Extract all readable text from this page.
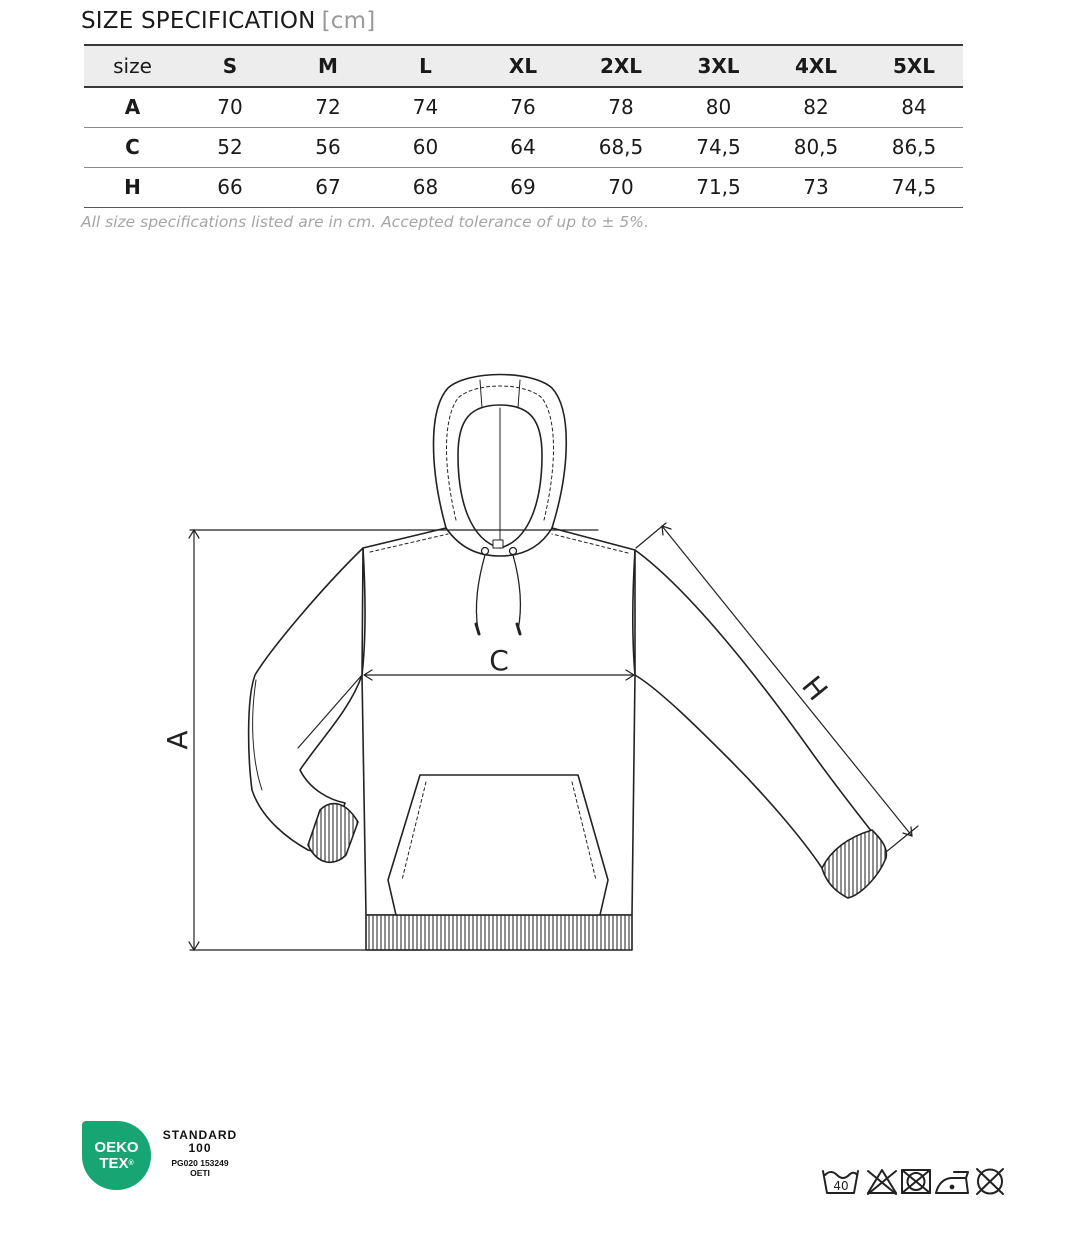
SIZE SPECIFICATION [cm]
size	S	M	L	XL	2XL	3XL	4XL	5XL
A	70	72	74	76	78	80	82	84
C	52	56	60	64	68,5	74,5	80,5	86,5
H	66	67	68	69	70	71,5	73	74,5
All size specifications listed are in cm. Accepted tolerance of up to ± 5%.
A
C
H
OEKO
TEX®
STANDARD
100
PG020 153249
OETI
40
